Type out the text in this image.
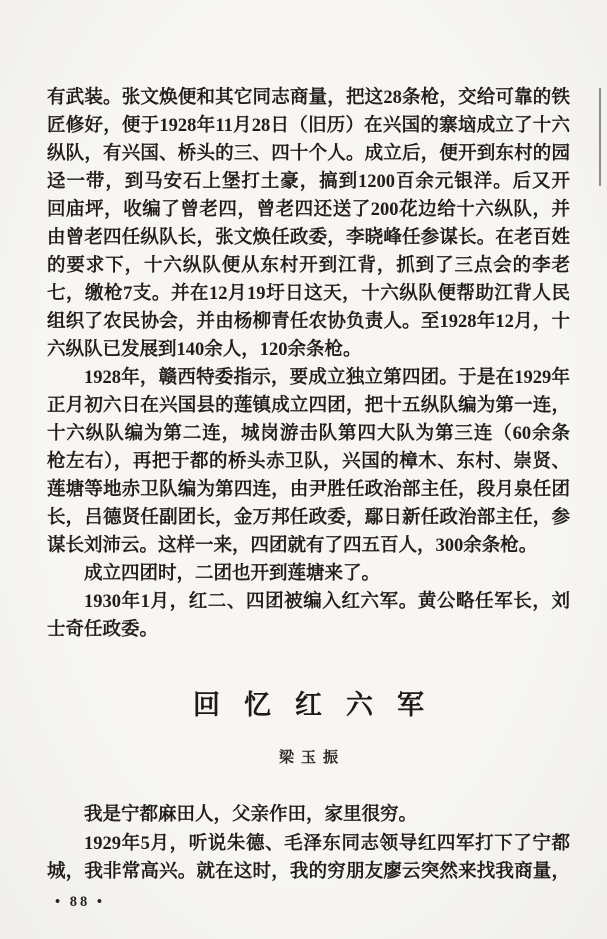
有武装。张文焕便和其它同志商量，把这28条枪，交给可靠的铁
匠修好，便于1928年11月28日（旧历）在兴国的寨垴成立了十六
纵队，有兴国、桥头的三、四十个人。成立后，便开到东村的园
迳一带，到马安石上堡打土豪，搞到1200百余元银洋。后又开
回庙坪，收编了曾老四，曾老四还送了200花边给十六纵队，并
由曾老四任纵队长，张文焕任政委，李晓峰任参谋长。在老百姓
的要求下，十六纵队便从东村开到江背，抓到了三点会的李老
七，缴枪7支。并在12月19圩日这天，十六纵队便帮助江背人民
组织了农民协会，并由杨柳青任农协负责人。至1928年12月，十
六纵队已发展到140余人，120余条枪。
1928年，赣西特委指示，要成立独立第四团。于是在1929年
正月初六日在兴国县的莲镇成立四团，把十五纵队编为第一连，
十六纵队编为第二连，城岗游击队第四大队为第三连（60余条
枪左右），再把于都的桥头赤卫队，兴国的樟木、东村、崇贤、
莲塘等地赤卫队编为第四连，由尹胜任政治部主任，段月泉任团
长，吕德贤任副团长，金万邦任政委，鄢日新任政治部主任，参
谋长刘沛云。这样一来，四团就有了四五百人，300余条枪。
成立四团时，二团也开到莲塘来了。
1930年1月，红二、四团被编入红六军。黄公略任军长，刘
士奇任政委。
回忆红六军
梁玉振
我是宁都麻田人，父亲作田，家里很穷。
1929年5月，听说朱德、毛泽东同志领导红四军打下了宁都
城，我非常高兴。就在这时，我的穷朋友廖云突然来找我商量，
• 88 •
